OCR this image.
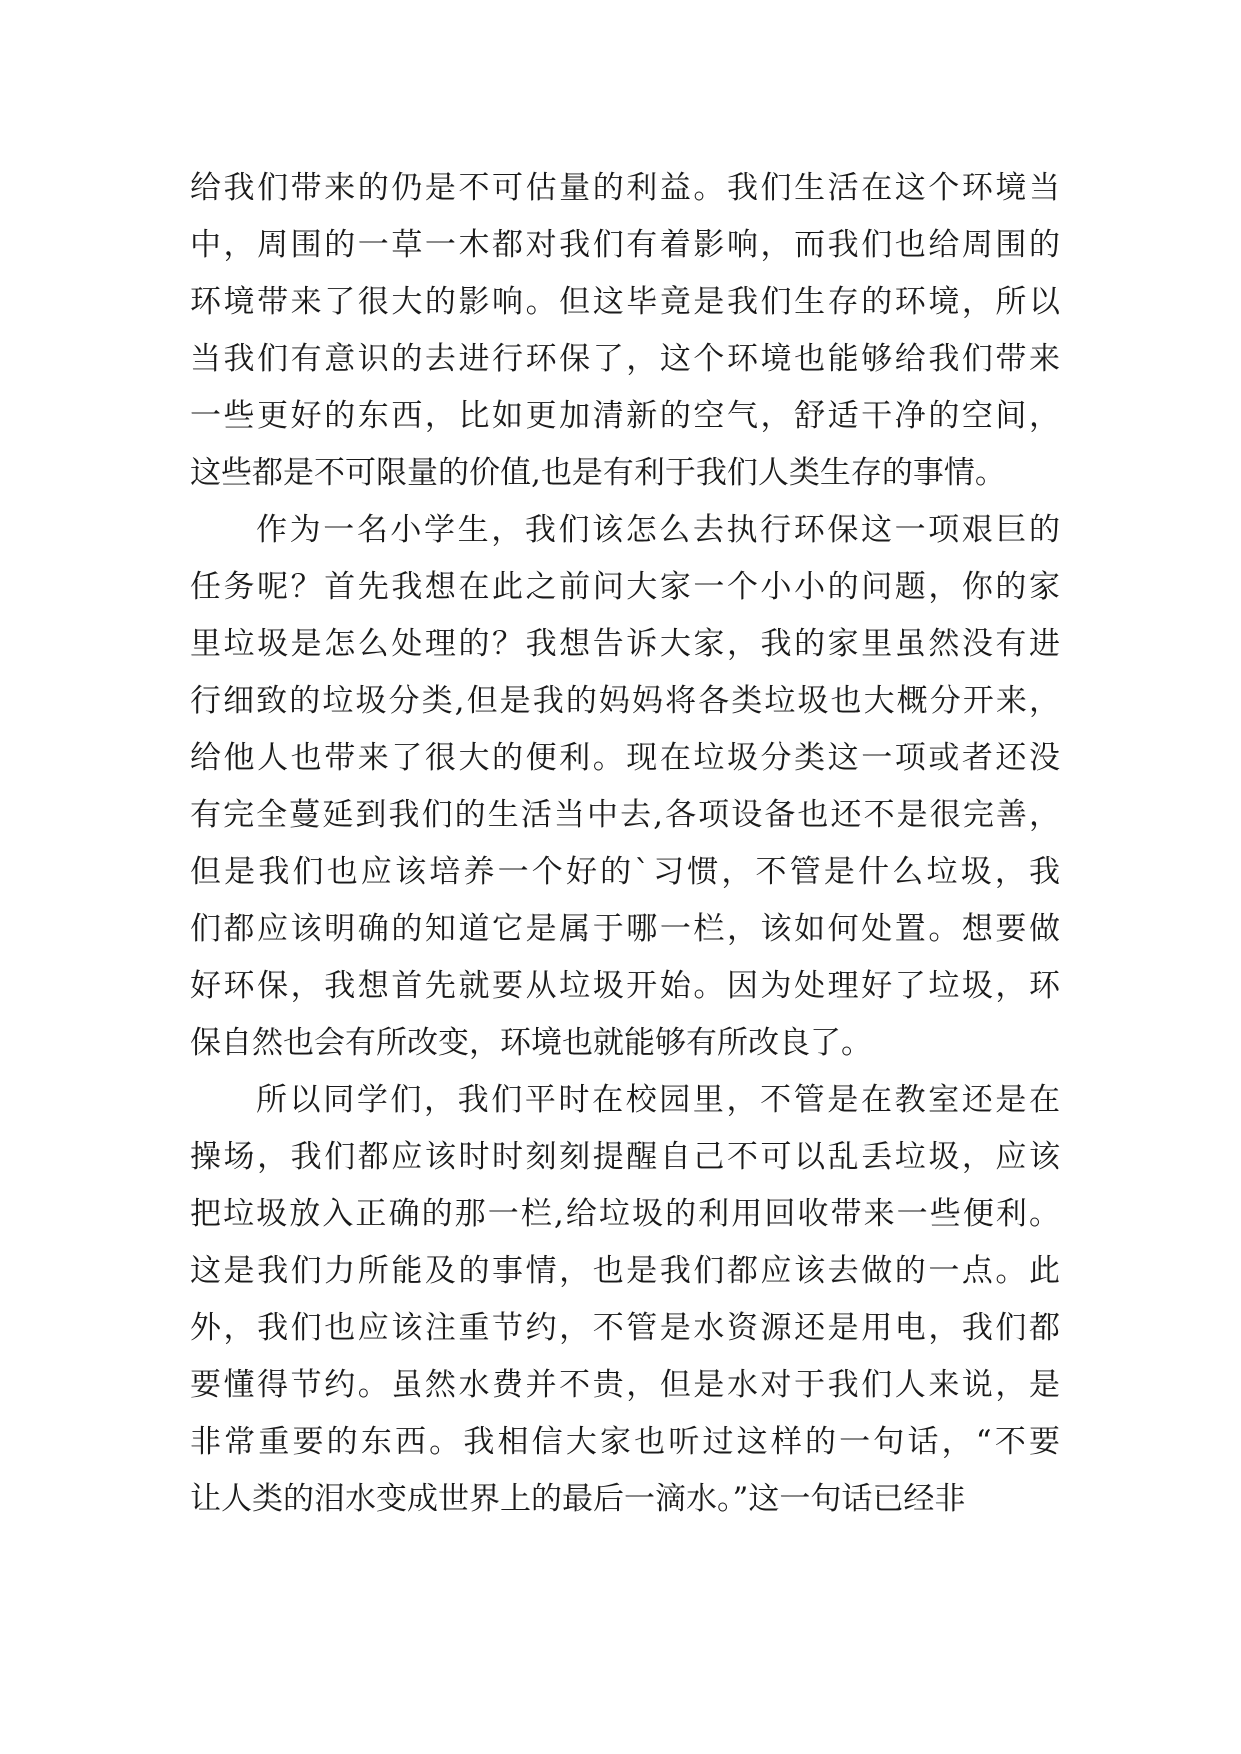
给我们带来的仍是不可估量的利益。我们生活在这个环境当
中，周围的一草一木都对我们有着影响，而我们也给周围的
环境带来了很大的影响。但这毕竟是我们生存的环境，所以
当我们有意识的去进行环保了，这个环境也能够给我们带来
一些更好的东西，比如更加清新的空气，舒适干净的空间，
这些都是不可限量的价值,也是有利于我们人类生存的事情。
作为一名小学生，我们该怎么去执行环保这一项艰巨的
任务呢？首先我想在此之前问大家一个小小的问题，你的家
里垃圾是怎么处理的？我想告诉大家，我的家里虽然没有进
行细致的垃圾分类,但是我的妈妈将各类垃圾也大概分开来，
给他人也带来了很大的便利。现在垃圾分类这一项或者还没
有完全蔓延到我们的生活当中去,各项设备也还不是很完善，
但是我们也应该培养一个好的`习惯，不管是什么垃圾，我
们都应该明确的知道它是属于哪一栏，该如何处置。想要做
好环保，我想首先就要从垃圾开始。因为处理好了垃圾，环
保自然也会有所改变，环境也就能够有所改良了。
所以同学们，我们平时在校园里，不管是在教室还是在
操场，我们都应该时时刻刻提醒自己不可以乱丢垃圾，应该
把垃圾放入正确的那一栏,给垃圾的利用回收带来一些便利。
这是我们力所能及的事情，也是我们都应该去做的一点。此
外，我们也应该注重节约，不管是水资源还是用电，我们都
要懂得节约。虽然水费并不贵，但是水对于我们人来说，是
非常重要的东西。我相信大家也听过这样的一句话，“不要
让人类的泪水变成世界上的最后一滴水。”这一句话已经非
